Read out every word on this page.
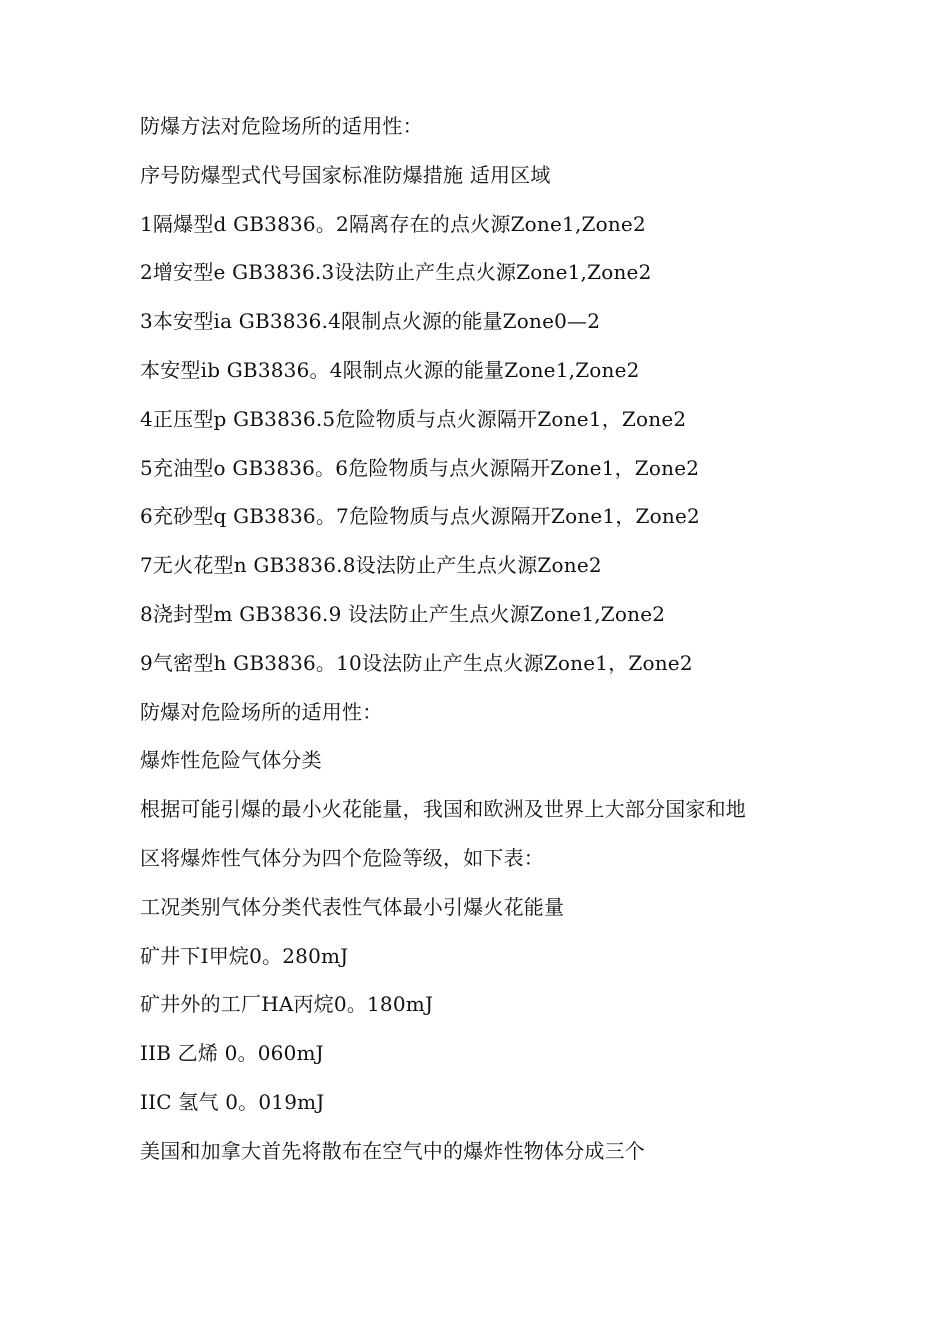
防爆方法对危险场所的适用性：
序号防爆型式代号国家标准防爆措施 适用区域
1隔爆型d GB3836。2隔离存在的点火源Zone1,Zone2
2增安型e GB3836.3设法防止产生点火源Zone1,Zone2
3本安型ia GB3836.4限制点火源的能量Zone0—2
本安型ib GB3836。4限制点火源的能量Zone1,Zone2
4正压型p GB3836.5危险物质与点火源隔开Zone1，Zone2
5充油型o GB3836。6危险物质与点火源隔开Zone1，Zone2
6充砂型q GB3836。7危险物质与点火源隔开Zone1，Zone2
7无火花型n GB3836.8设法防止产生点火源Zone2
8浇封型m GB3836.9 设法防止产生点火源Zone1,Zone2
9气密型h GB3836。10设法防止产生点火源Zone1，Zone2
防爆对危险场所的适用性：
爆炸性危险气体分类
根据可能引爆的最小火花能量，我国和欧洲及世界上大部分国家和地
区将爆炸性气体分为四个危险等级，如下表：
工况类别气体分类代表性气体最小引爆火花能量
矿井下I甲烷0。280mJ
矿井外的工厂HA丙烷0。180mJ
IIB 乙烯 0。060mJ
IIC 氢气 0。019mJ
美国和加拿大首先将散布在空气中的爆炸性物体分成三个
